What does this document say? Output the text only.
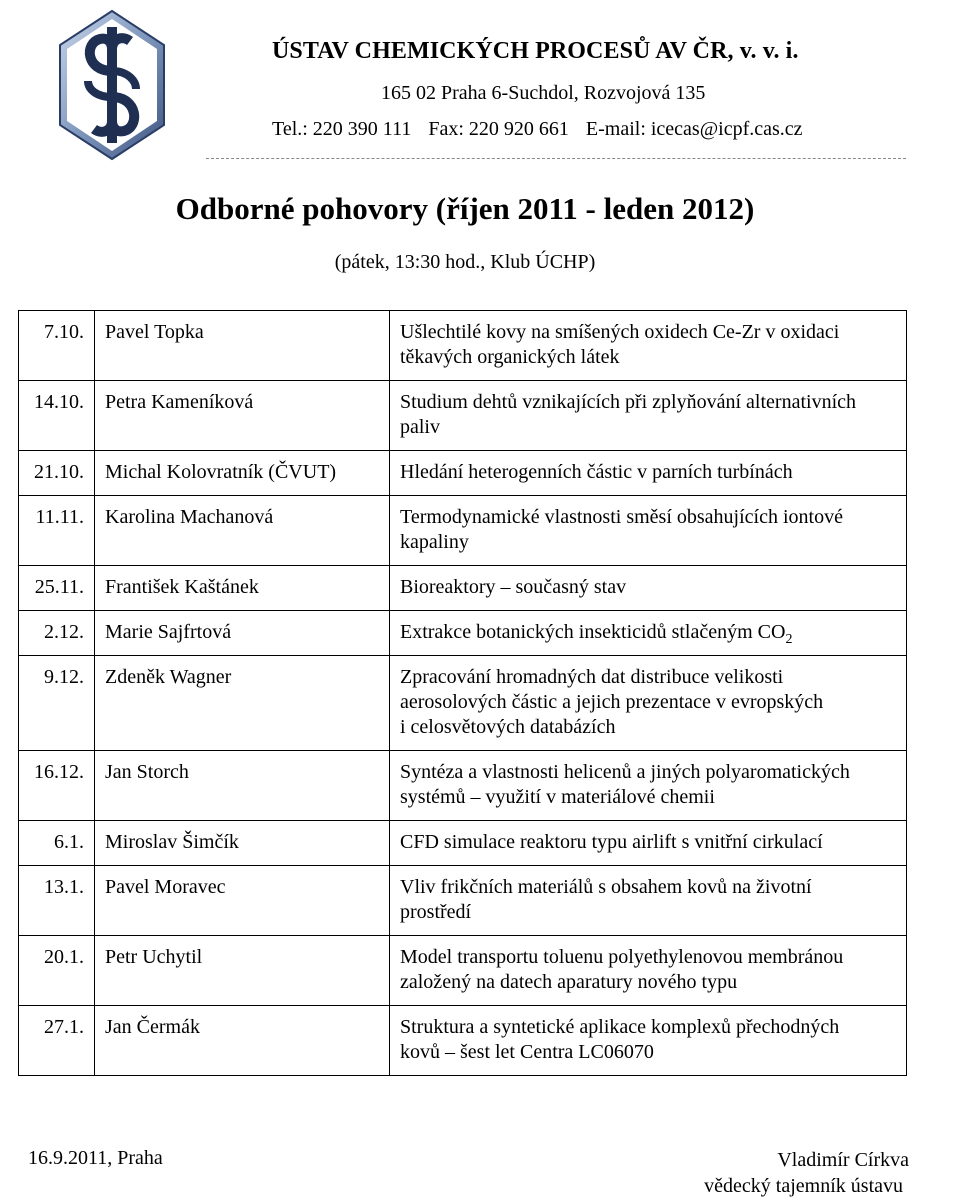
ÚSTAV CHEMICKÝCH PROCESŮ AV ČR, v. v. i.
165 02 Praha 6-Suchdol, Rozvojová 135
Tel.: 220 390 111 Fax: 220 920 661 E-mail: icecas@icpf.cas.cz
Odborné pohovory (říjen 2011 - leden 2012)
(pátek, 13:30 hod., Klub ÚCHP)
7.10.	Pavel Topka	Ušlechtilé kovy na smíšených oxidech Ce-Zr v oxidaci
těkavých organických látek

14.10.	Petra Kameníková	Studium dehtů vznikajících při zplyňování alternativních
paliv

21.10.	Michal Kolovratník (ČVUT)	Hledání heterogenních částic v parních turbínách

11.11.	Karolina Machanová	Termodynamické vlastnosti směsí obsahujících iontové
kapaliny

25.11.	František Kaštánek	Bioreaktory – současný stav

2.12.	Marie Sajfrtová	Extrakce botanických insekticidů stlačeným $CO_2$

9.12.	Zdeněk Wagner	Zpracování hromadných dat distribuce velikosti
aerosolových částic a jejich prezentace v evropských
i celosvětových databázích

16.12.	Jan Storch	Syntéza a vlastnosti helicenů a jiných polyaromatických
systémů – využití v materiálové chemii

6.1.	Miroslav Šimčík	CFD simulace reaktoru typu airlift s vnitřní cirkulací

13.1.	Pavel Moravec	Vliv frikčních materiálů s obsahem kovů na životní
prostředí

20.1.	Petr Uchytil	Model transportu toluenu polyethylenovou membránou
založený na datech aparatury nového typu

27.1.	Jan Čermák	Struktura a syntetické aplikace komplexů přechodných
kovů – šest let Centra LC06070
16.9.2011, Praha	Vladimír Církva
vědecký tajemník ústavu
